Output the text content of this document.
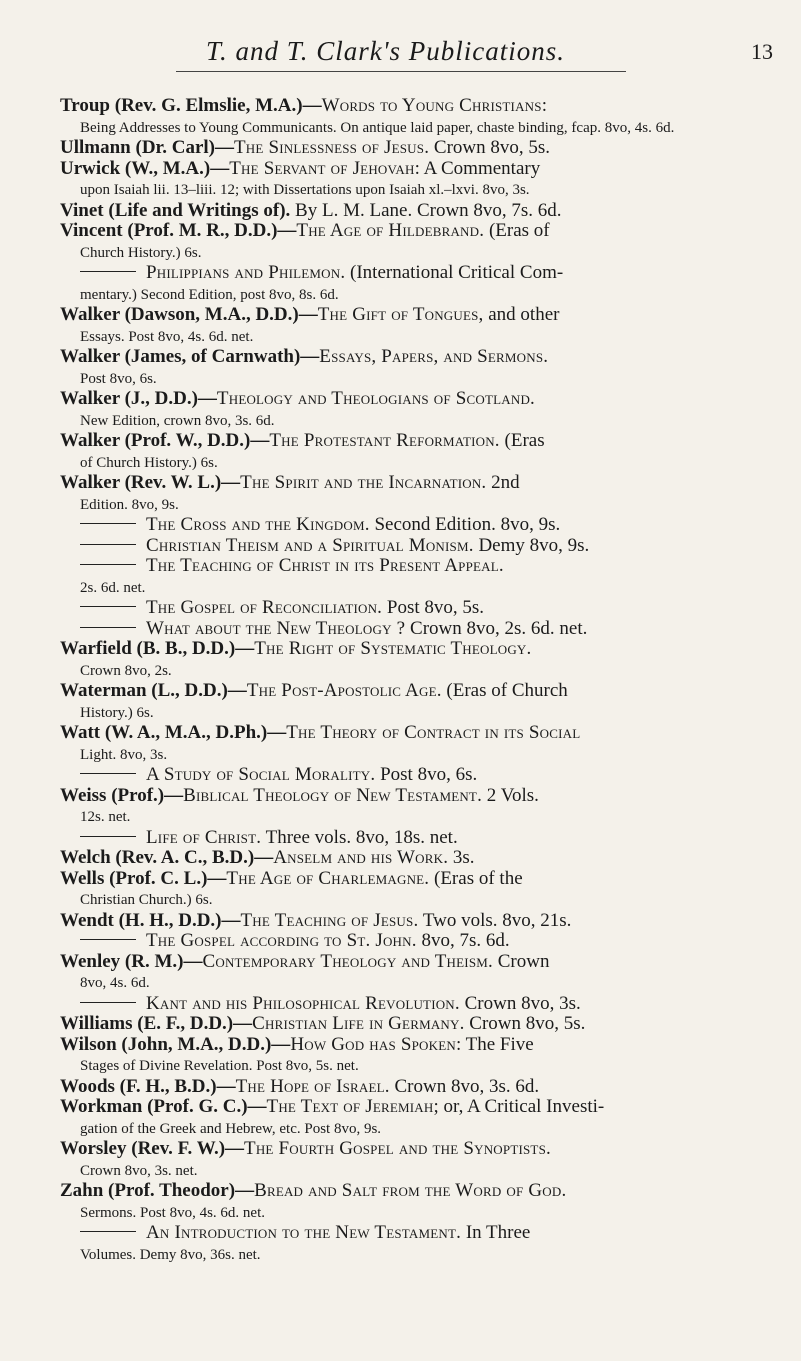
T. and T. Clark's Publications.	13

Troup (Rev. G. Elmslie, M.A.)—Words to Young Christians:

Being Addresses to Young Communicants. On antique laid paper, chaste binding, fcap. 8vo, 4s. 6d.

Ullmann (Dr. Carl)—The Sinlessness of Jesus. Crown 8vo, 5s.

Urwick (W., M.A.)—The Servant of Jehovah: A Commentary

upon Isaiah lii. 13–liii. 12; with Dissertations upon Isaiah xl.–lxvi. 8vo, 3s.

Vinet (Life and Writings of). By L. M. Lane. Crown 8vo, 7s. 6d.

Vincent (Prof. M. R., D.D.)—The Age of Hildebrand. (Eras of

Church History.) 6s.

Philippians and Philemon. (International Critical Com-

mentary.) Second Edition, post 8vo, 8s. 6d.

Walker (Dawson, M.A., D.D.)—The Gift of Tongues, and other

Essays. Post 8vo, 4s. 6d. net.

Walker (James, of Carnwath)—Essays, Papers, and Sermons.

Post 8vo, 6s.

Walker (J., D.D.)—Theology and Theologians of Scotland.

New Edition, crown 8vo, 3s. 6d.

Walker (Prof. W., D.D.)—The Protestant Reformation. (Eras

of Church History.) 6s.

Walker (Rev. W. L.)—The Spirit and the Incarnation. 2nd

Edition. 8vo, 9s.

The Cross and the Kingdom. Second Edition. 8vo, 9s.

Christian Theism and a Spiritual Monism. Demy 8vo, 9s.

The Teaching of Christ in its Present Appeal.

2s. 6d. net.

The Gospel of Reconciliation. Post 8vo, 5s.

What about the New Theology ? Crown 8vo, 2s. 6d. net.

Warfield (B. B., D.D.)—The Right of Systematic Theology.

Crown 8vo, 2s.

Waterman (L., D.D.)—The Post-Apostolic Age. (Eras of Church

History.) 6s.

Watt (W. A., M.A., D.Ph.)—The Theory of Contract in its Social

Light. 8vo, 3s.

A Study of Social Morality. Post 8vo, 6s.

Weiss (Prof.)—Biblical Theology of New Testament. 2 Vols.

12s. net.

Life of Christ. Three vols. 8vo, 18s. net.

Welch (Rev. A. C., B.D.)—Anselm and his Work. 3s.

Wells (Prof. C. L.)—The Age of Charlemagne. (Eras of the

Christian Church.) 6s.

Wendt (H. H., D.D.)—The Teaching of Jesus. Two vols. 8vo, 21s.

The Gospel according to St. John. 8vo, 7s. 6d.

Wenley (R. M.)—Contemporary Theology and Theism. Crown

8vo, 4s. 6d.

Kant and his Philosophical Revolution. Crown 8vo, 3s.

Williams (E. F., D.D.)—Christian Life in Germany. Crown 8vo, 5s.

Wilson (John, M.A., D.D.)—How God has Spoken: The Five

Stages of Divine Revelation. Post 8vo, 5s. net.

Woods (F. H., B.D.)—The Hope of Israel. Crown 8vo, 3s. 6d.

Workman (Prof. G. C.)—The Text of Jeremiah; or, A Critical Investi-

gation of the Greek and Hebrew, etc. Post 8vo, 9s.

Worsley (Rev. F. W.)—The Fourth Gospel and the Synoptists.

Crown 8vo, 3s. net.

Zahn (Prof. Theodor)—Bread and Salt from the Word of God.

Sermons. Post 8vo, 4s. 6d. net.

An Introduction to the New Testament. In Three

Volumes. Demy 8vo, 36s. net.
